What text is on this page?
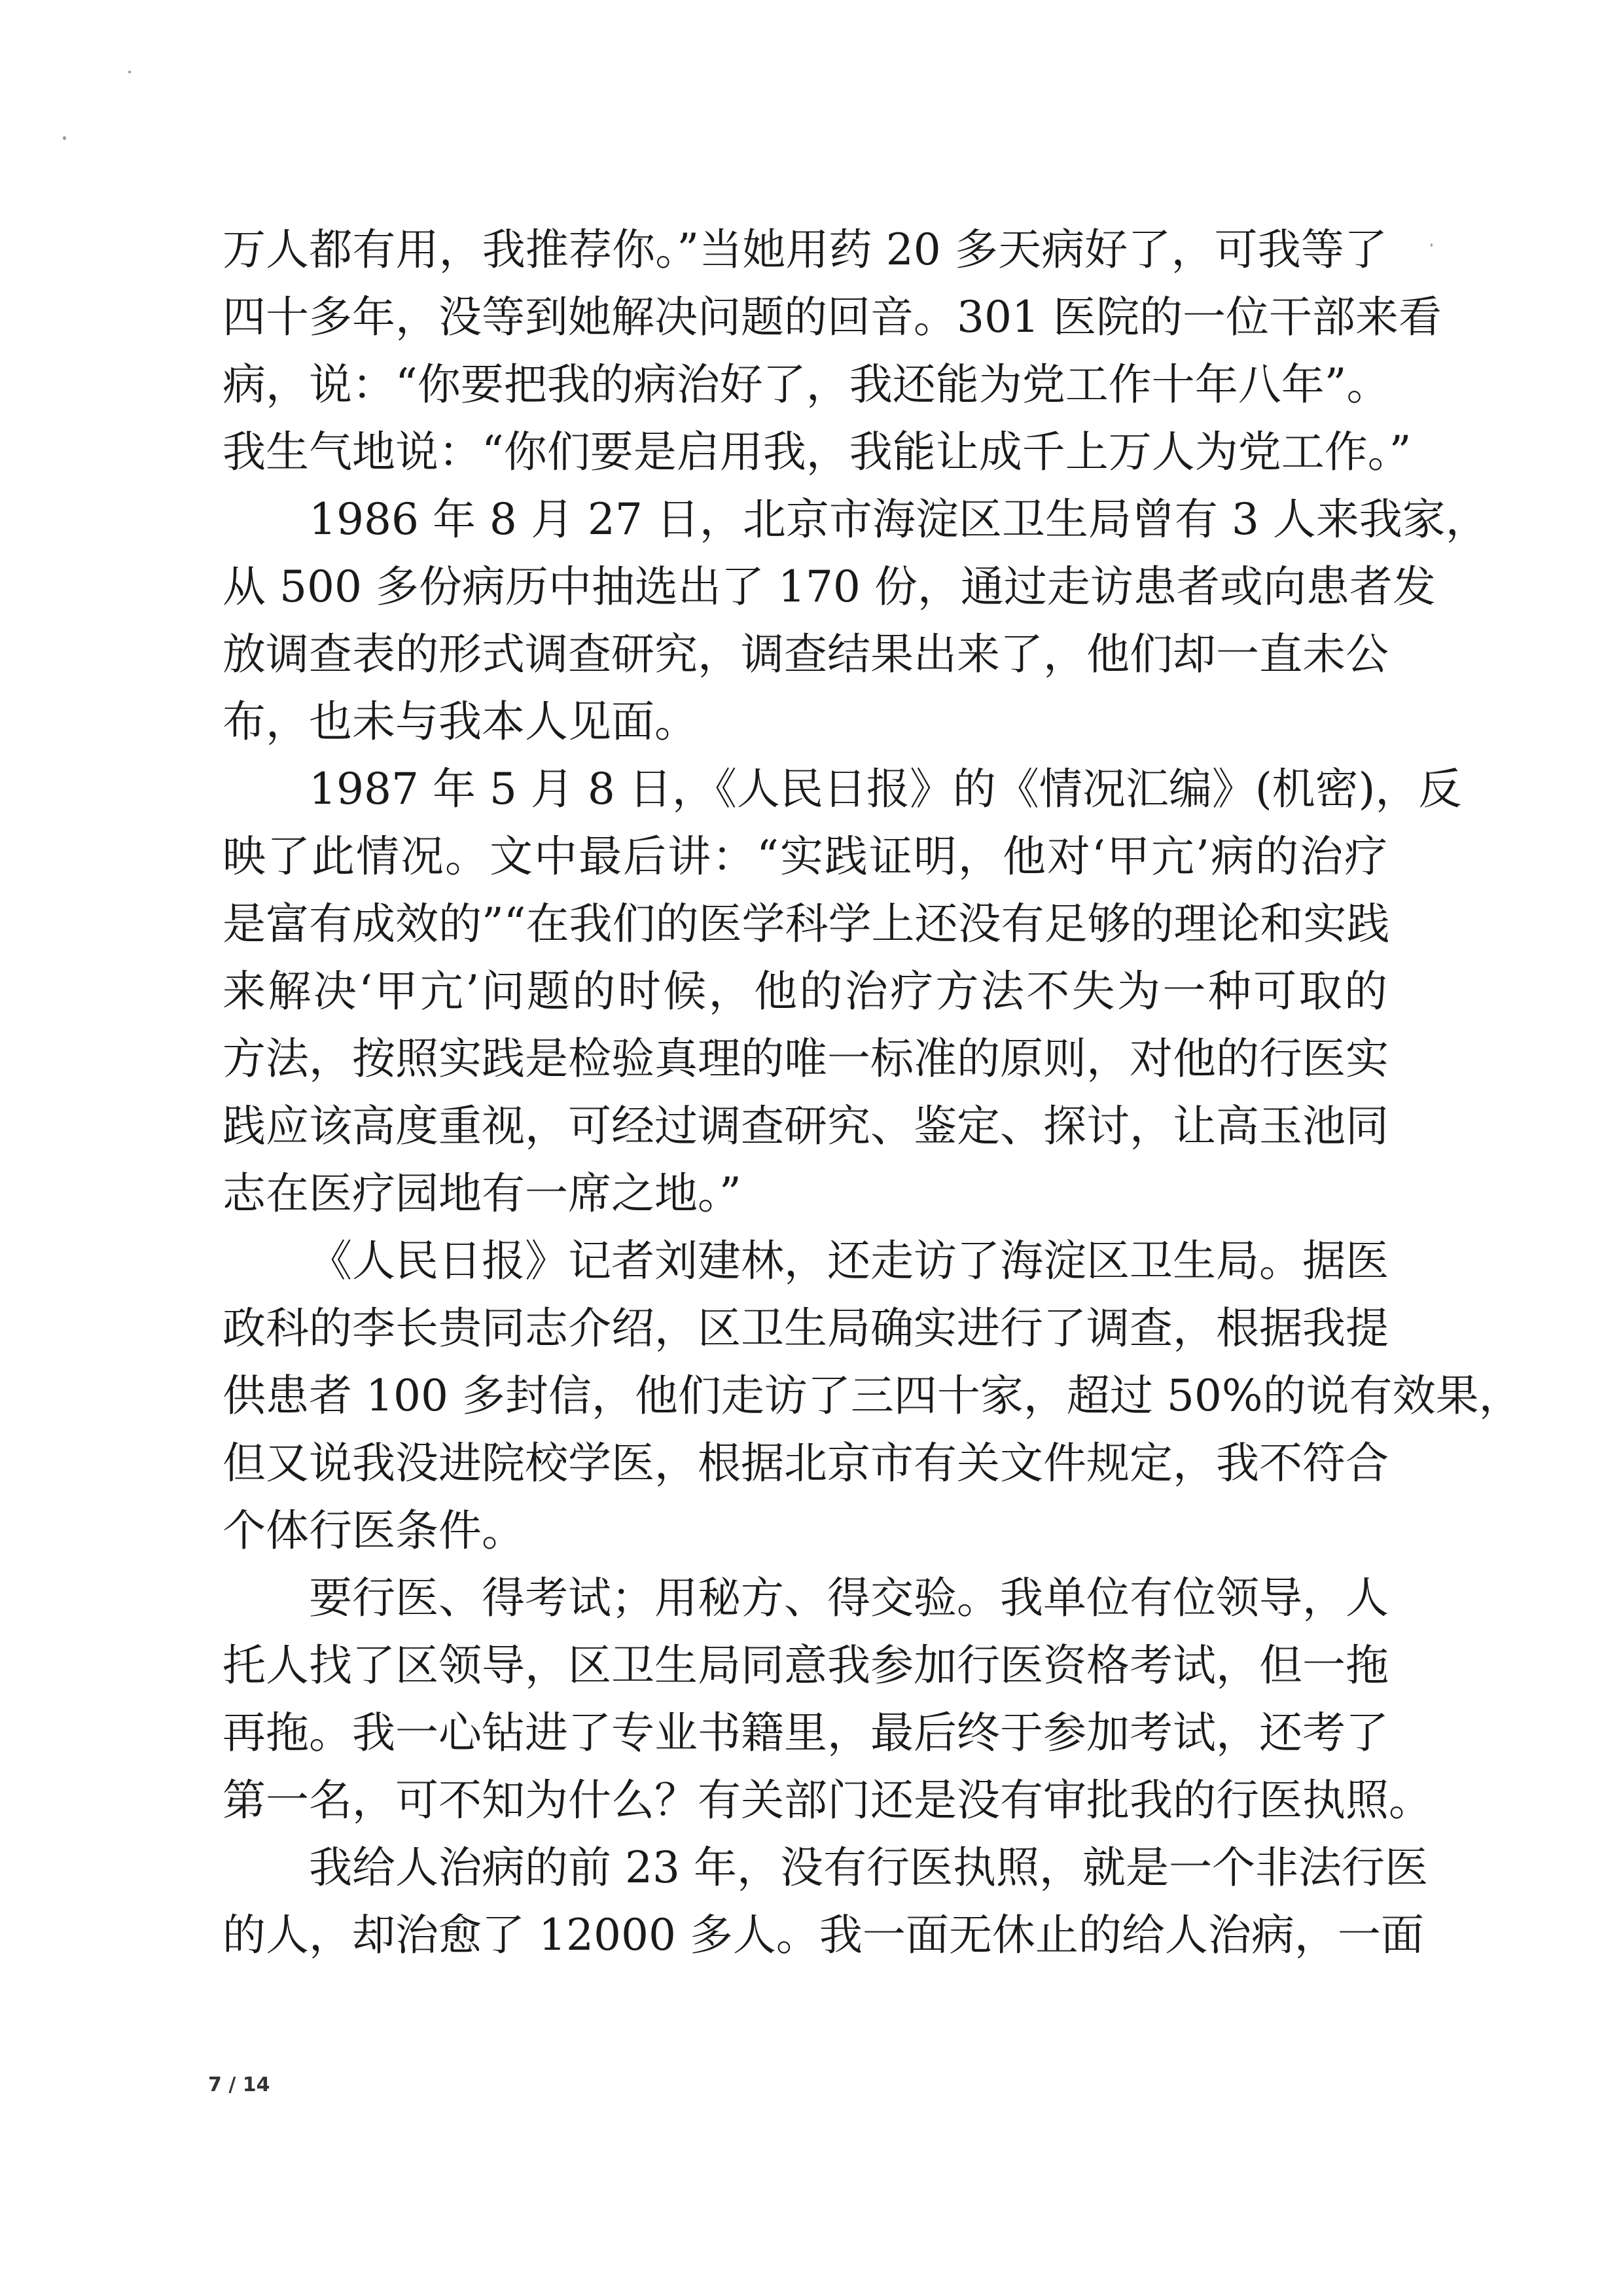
万人都有用，我推荐你。”当她用药 20 多天病好了，可我等了
四十多年，没等到她解决问题的回音。301 医院的一位干部来看
病，说：“你要把我的病治好了，我还能为党工作十年八年”。
我生气地说：“你们要是启用我，我能让成千上万人为党工作。”
1986 年 8 月 27 日，北京市海淀区卫生局曾有 3 人来我家，
从 500 多份病历中抽选出了 170 份，通过走访患者或向患者发
放调查表的形式调查研究，调查结果出来了，他们却一直未公
布，也未与我本人见面。
1987 年 5 月 8 日，《人民日报》的《情况汇编》(机密)，反
映了此情况。文中最后讲：“实践证明，他对‘甲亢’病的治疗
是富有成效的”“在我们的医学科学上还没有足够的理论和实践
来解决‘甲亢’问题的时候，他的治疗方法不失为一种可取的
方法，按照实践是检验真理的唯一标准的原则，对他的行医实
践应该高度重视，可经过调查研究、鉴定、探讨，让高玉池同
志在医疗园地有一席之地。”
《人民日报》记者刘建林，还走访了海淀区卫生局。据医
政科的李长贵同志介绍，区卫生局确实进行了调查，根据我提
供患者 100 多封信，他们走访了三四十家，超过 50%的说有效果，
但又说我没进院校学医，根据北京市有关文件规定，我不符合
个体行医条件。
要行医、得考试；用秘方、得交验。我单位有位领导，人
托人找了区领导，区卫生局同意我参加行医资格考试，但一拖
再拖。我一心钻进了专业书籍里，最后终于参加考试，还考了
第一名，可不知为什么？有关部门还是没有审批我的行医执照。
我给人治病的前 23 年，没有行医执照，就是一个非法行医
的人，却治愈了 12000 多人。我一面无休止的给人治病，一面
7 / 14
